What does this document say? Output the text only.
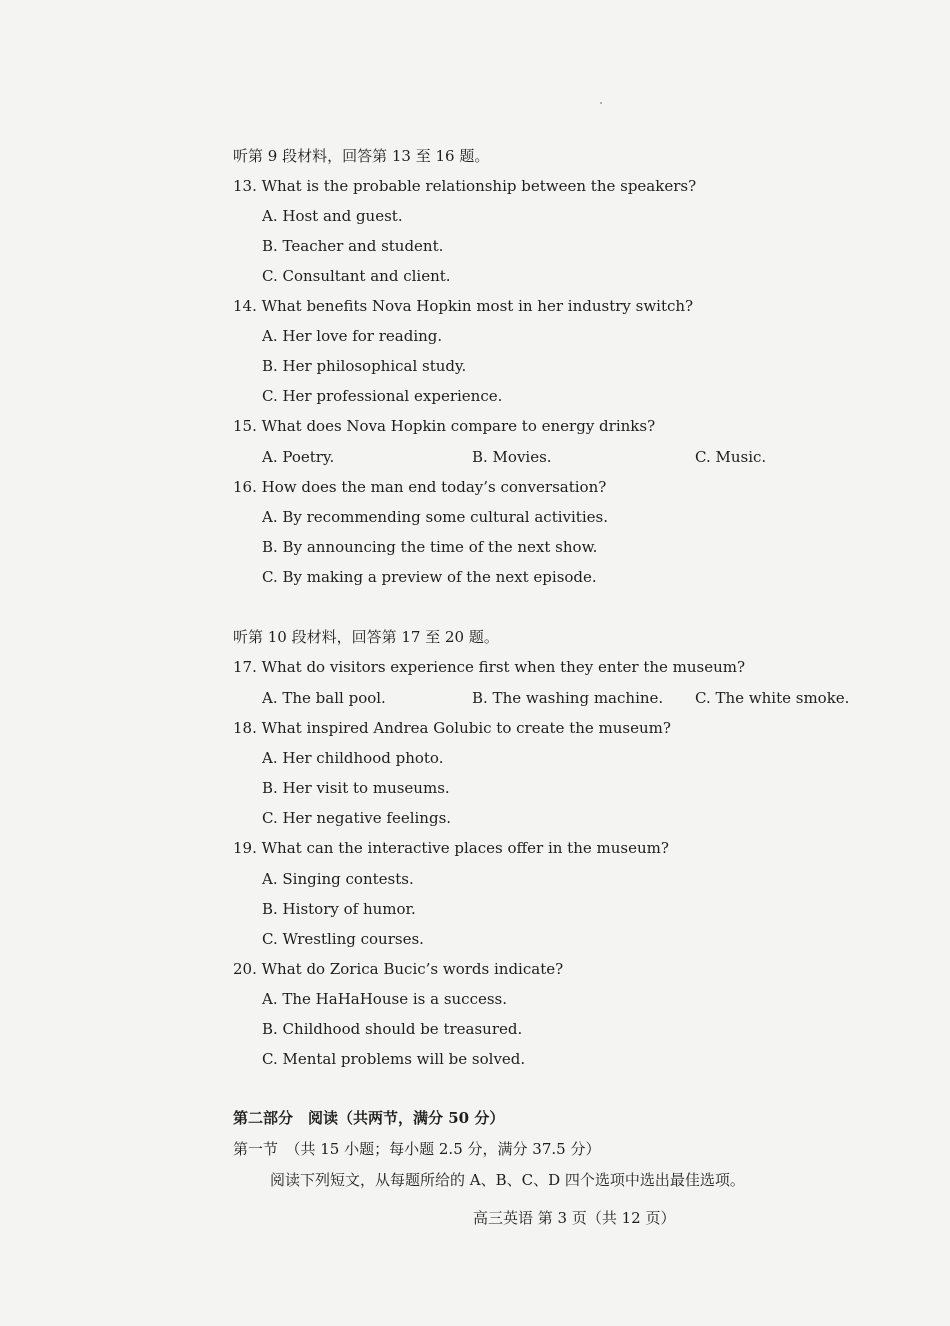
听第 9 段材料，回答第 13 至 16 题。
13. What is the probable relationship between the speakers?
A. Host and guest.
B. Teacher and student.
C. Consultant and client.
14. What benefits Nova Hopkin most in her industry switch?
A. Her love for reading.
B. Her philosophical study.
C. Her professional experience.
15. What does Nova Hopkin compare to energy drinks?
A. Poetry.	B. Movies.	C. Music.
16. How does the man end today’s conversation?
A. By recommending some cultural activities.
B. By announcing the time of the next show.
C. By making a preview of the next episode.
听第 10 段材料，回答第 17 至 20 题。
17. What do visitors experience first when they enter the museum?
A. The ball pool.	B. The washing machine. C. The white smoke.
18. What inspired Andrea Golubic to create the museum?
A. Her childhood photo.
B. Her visit to museums.
C. Her negative feelings.
19. What can the interactive places offer in the museum?
A. Singing contests.
B. History of humor.
C. Wrestling courses.
20. What do Zorica Bucic’s words indicate?
A. The HaHaHouse is a success.
B. Childhood should be treasured.
C. Mental problems will be solved.
第二部分　阅读（共两节，满分 50 分）
第一节　（共 15 小题；每小题 2.5 分，满分 37.5 分）
阅读下列短文，从每题所给的 A、B、C、D 四个选项中选出最佳选项。
高三英语 第 3 页（共 12 页）
